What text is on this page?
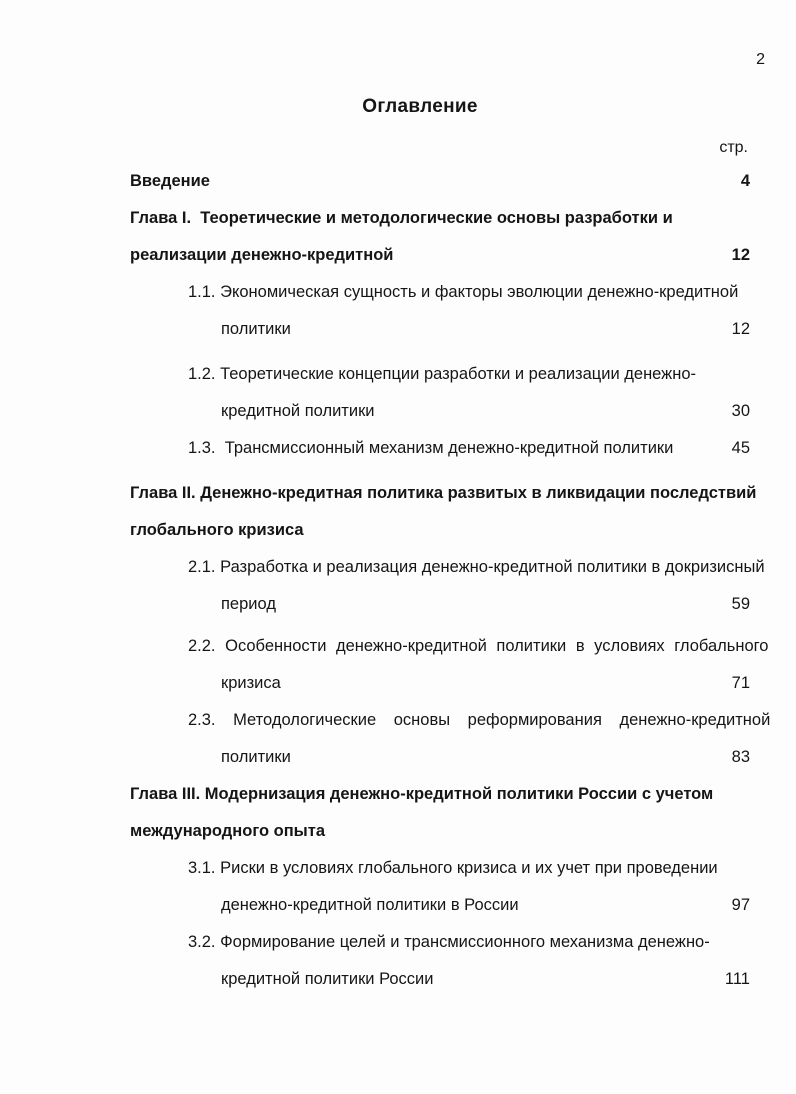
2
Оглавление
стр.
Введение	4
Глава I.  Теоретические и методологические основы разработки и
реализации денежно-кредитной	12
1.1. Экономическая сущность и факторы эволюции денежно-кредитной
политики	12
1.2. Теоретические концепции разработки и реализации денежно-
кредитной политики	30
1.3.  Трансмиссионный механизм денежно-кредитной политики	45
Глава II. Денежно-кредитная политика развитых в ликвидации последствий
глобального кризиса
2.1. Разработка и реализация денежно-кредитной политики в докризисный
период	59
2.2. Особенности денежно-кредитной политики в условиях глобального
кризиса	71
2.3. Методологические основы реформирования денежно-кредитной
политики	83
Глава III. Модернизация денежно-кредитной политики России с учетом
международного опыта
3.1. Риски в условиях глобального кризиса и их учет при проведении
денежно-кредитной политики в России	97
3.2. Формирование целей и трансмиссионного механизма денежно-
кредитной политики России	111
